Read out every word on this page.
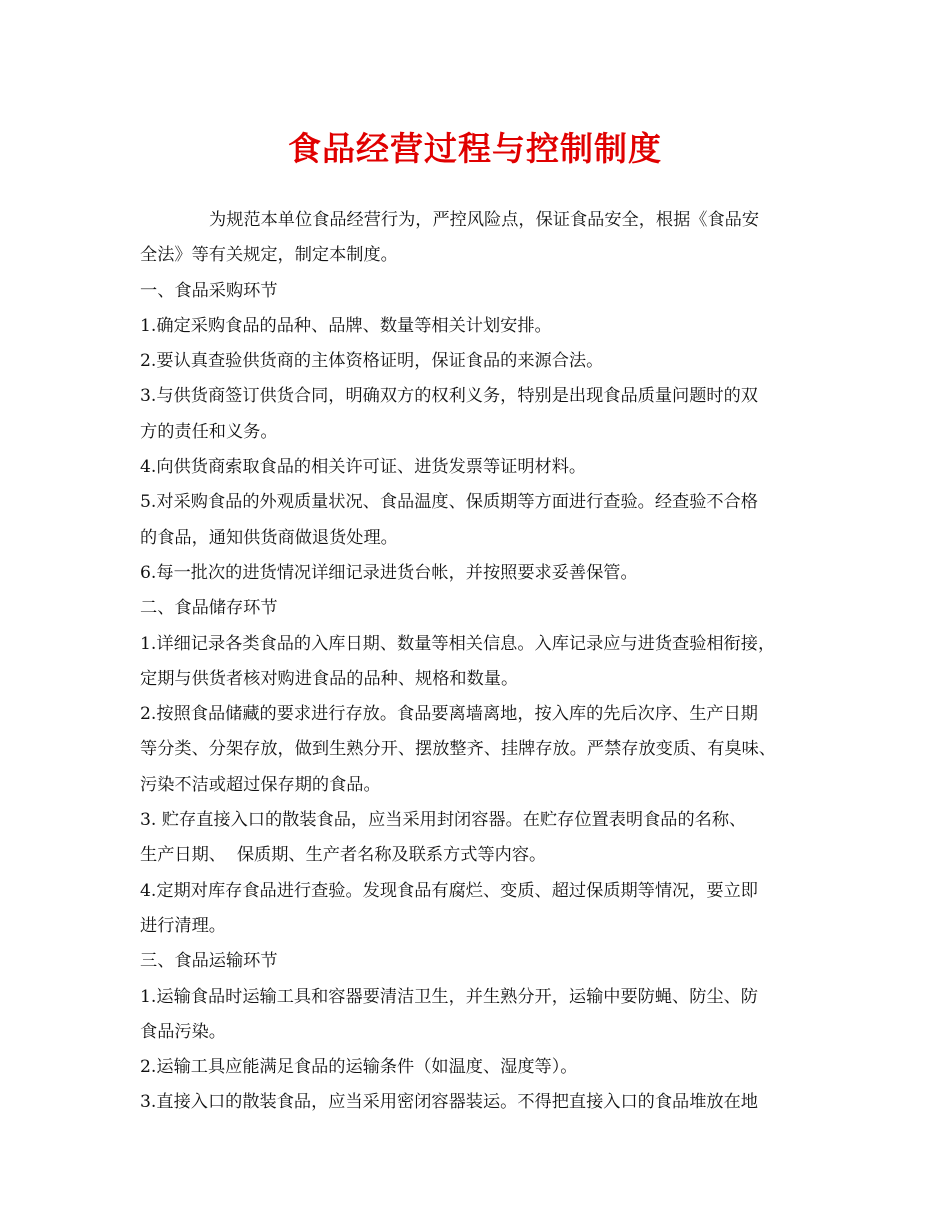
食品经营过程与控制制度
为规范本单位食品经营行为，严控风险点，保证食品安全，根据《食品安
全法》等有关规定，制定本制度。
一、食品采购环节
1.确定采购食品的品种、品牌、数量等相关计划安排。
2.要认真查验供货商的主体资格证明，保证食品的来源合法。
3.与供货商签订供货合同，明确双方的权利义务，特别是出现食品质量问题时的双
方的责任和义务。
4.向供货商索取食品的相关许可证、进货发票等证明材料。
5.对采购食品的外观质量状况、食品温度、保质期等方面进行查验。经查验不合格
的食品，通知供货商做退货处理。
6.每一批次的进货情况详细记录进货台帐，并按照要求妥善保管。
二、食品储存环节
1.详细记录各类食品的入库日期、数量等相关信息。入库记录应与进货查验相衔接，
定期与供货者核对购进食品的品种、规格和数量。
2.按照食品储藏的要求进行存放。食品要离墙离地，按入库的先后次序、生产日期
等分类、分架存放，做到生熟分开、摆放整齐、挂牌存放。严禁存放变质、有臭味、
污染不洁或超过保存期的食品。
3. 贮存直接入口的散装食品，应当采用封闭容器。在贮存位置表明食品的名称、
生产日期、  保质期、生产者名称及联系方式等内容。
4.定期对库存食品进行查验。发现食品有腐烂、变质、超过保质期等情况，要立即
进行清理。
三、食品运输环节
1.运输食品时运输工具和容器要清洁卫生，并生熟分开，运输中要防蝇、防尘、防
食品污染。
2.运输工具应能满足食品的运输条件（如温度、湿度等）。
3.直接入口的散装食品，应当采用密闭容器装运。不得把直接入口的食品堆放在地
